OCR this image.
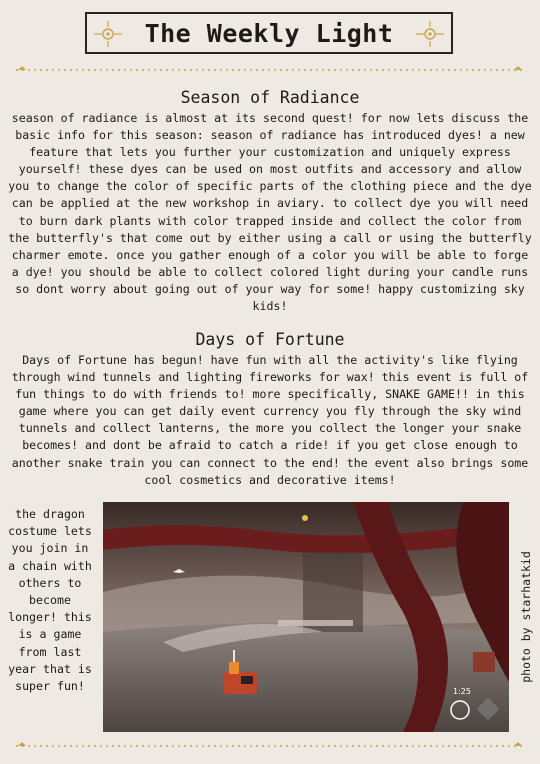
The Weekly Light
Season of Radiance

season of radiance is almost at its second quest! for now lets discuss the basic info for this season: season of radiance has introduced dyes! a new feature that lets you further your customization and uniquely express yourself! these dyes can be used on most outfits and accessory and allow you to change the color of specific parts of the clothing piece and the dye can be applied at the new workshop in aviary. to collect dye you will need to burn dark plants with color trapped inside and collect the color from the butterfly's that come out by either using a call or using the butterfly charmer emote. once you gather enough of a color you will be able to forge a dye! you should be able to collect colored light during your candle runs so dont worry about going out of your way for some! happy customizing sky kids!

Days of Fortune

Days of Fortune has begun! have fun with all the activity's like flying through wind tunnels and lighting fireworks for wax! this event is full of fun things to do with friends to! more specifically, SNAKE GAME!! in this game where you can get daily event currency you fly through the sky wind tunnels and collect lanterns, the more you collect the longer your snake becomes! and dont be afraid to catch a ride! if you get close enough to another snake train you can connect to the end! the event also brings some cool cosmetics and decorative items!

the dragon costume lets you join in a chain with others to become longer! this is a game from last year that is super fun!	1:25
photo by starhatkid
